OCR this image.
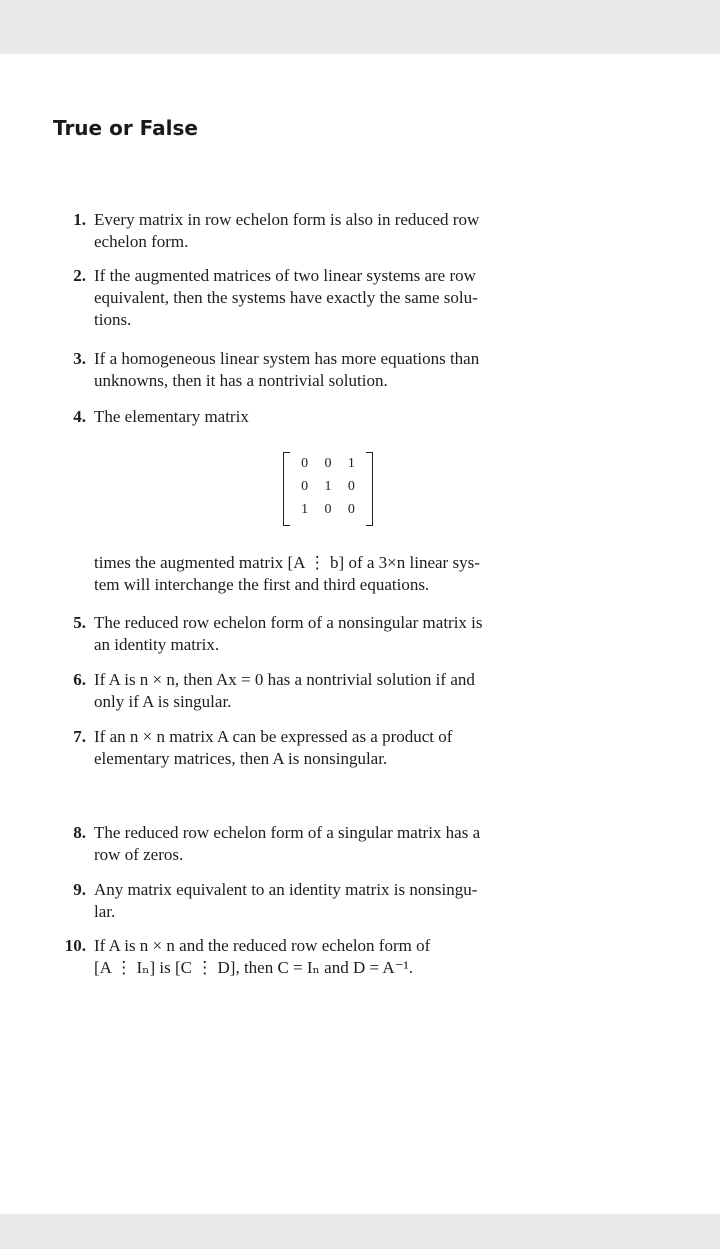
True or False
1. Every matrix in row echelon form is also in reduced row
echelon form.
2. If the augmented matrices of two linear systems are row
equivalent, then the systems have exactly the same solu-
tions.
3. If a homogeneous linear system has more equations than
unknowns, then it has a nontrivial solution.
4. The elementary matrix
0	0	1
0	1	0
1	0	0
times the augmented matrix [A ⋮ b] of a 3×n linear sys-
tem will interchange the first and third equations.
5. The reduced row echelon form of a nonsingular matrix is
an identity matrix.
6. If A is n × n, then Ax = 0 has a nontrivial solution if and
only if A is singular.
7. If an n × n matrix A can be expressed as a product of
elementary matrices, then A is nonsingular.
8. The reduced row echelon form of a singular matrix has a
row of zeros.
9. Any matrix equivalent to an identity matrix is nonsingu-
lar.
10. If A is n × n and the reduced row echelon form of
[A ⋮ Iₙ] is [C ⋮ D], then C = Iₙ and D = A⁻¹.
